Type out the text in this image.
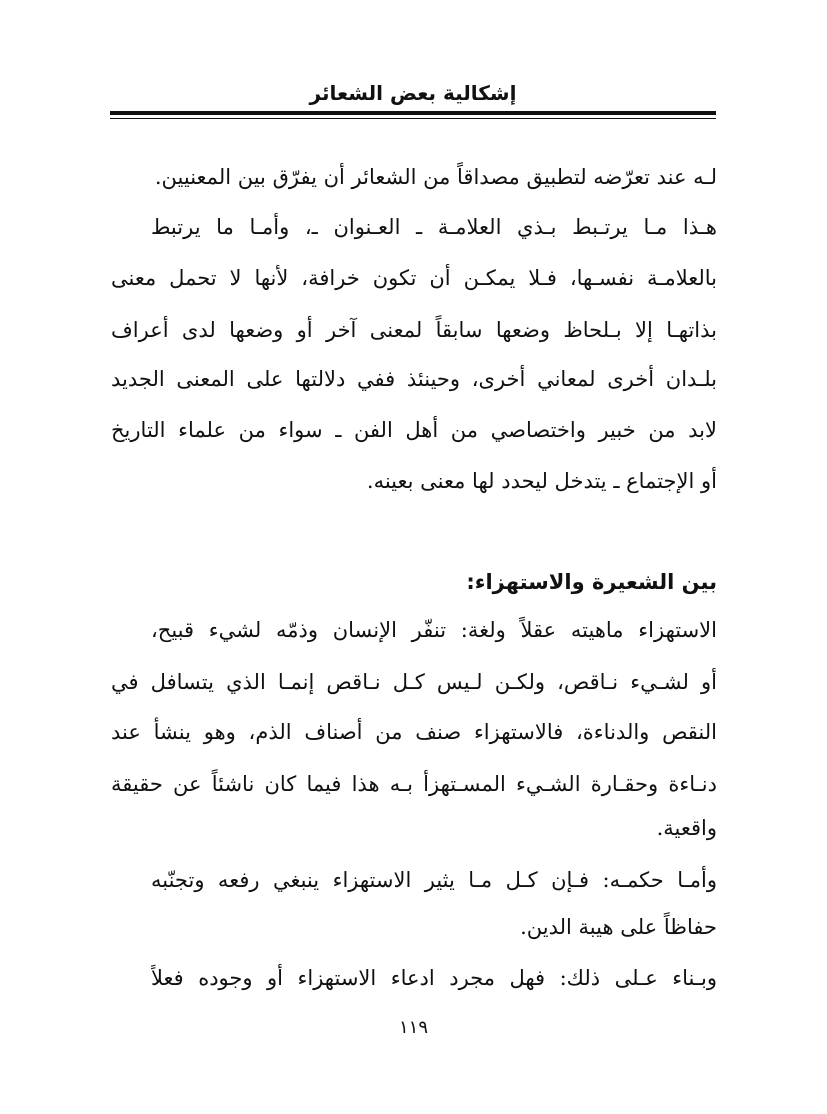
إشكالية بعض الشعائر
لـه عند تعرّضه لتطبيق مصداقاً من الشعائر أن يفرّق بين المعنيين.
هـذا مـا يرتـبط بـذي العلامـة ـ العـنوان ـ، وأمـا ما يرتبط
بالعلامـة نفسـها، فـلا يمكـن أن تكون خرافة، لأنها لا تحمل معنى
بذاتهـا إلا بـلحاظ وضعها سابقاً لمعنى آخر أو وضعها لدى أعراف
بلـدان أخرى لمعاني أخرى، وحينئذ ففي دلالتها على المعنى الجديد
لابد من خبير واختصاصي من أهل الفن ـ سواء من علماء التاريخ
أو الإجتماع ـ يتدخل ليحدد لها معنى بعينه.
بين الشعيرة والاستهزاء:
الاستهزاء ماهيته عقلاً ولغة: تنفّر الإنسان وذمّه لشيء قبيح،
أو لشـيء نـاقص، ولكـن لـيس كـل نـاقص إنمـا الذي يتسافل في
النقص والدناءة، فالاستهزاء صنف من أصناف الذم، وهو ينشأ عند
دنـاءة وحقـارة الشـيء المسـتهزأ بـه هذا فيما كان ناشئاً عن حقيقة
واقعية.
وأمـا حكمـه: فـإن كـل مـا يثير الاستهزاء ينبغي رفعه وتجنّبه
حفاظاً على هيبة الدين.
وبـناء عـلى ذلك: فهل مجرد ادعاء الاستهزاء أو وجوده فعلاً
١١٩
